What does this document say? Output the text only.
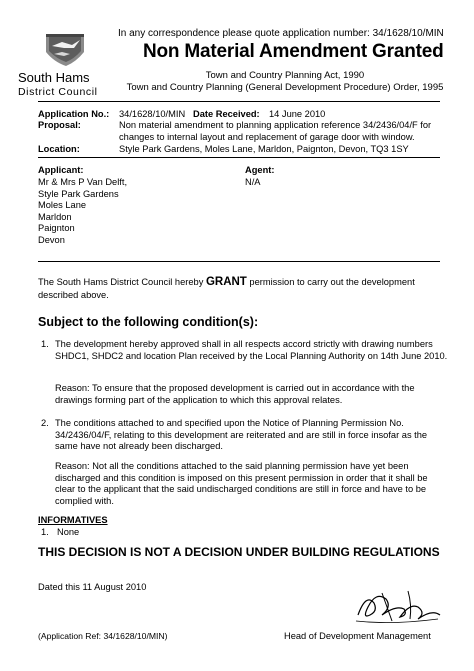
South Hams
District Council
In any correspondence please quote application number: 34/1628/10/MIN
Non Material Amendment Granted
Town and Country Planning Act, 1990
Town and Country Planning (General Development Procedure) Order, 1995
Application No.: 34/1628/10/MIN Date Received: 14 June 2010
Proposal:	Non material amendment to planning application reference 34/2436/04/F for changes to internal layout and replacement of garage door with window.
Location:	Style Park Gardens, Moles Lane, Marldon, Paignton, Devon, TQ3 1SY
Applicant:
Mr & Mrs P Van Delft,
Style Park Gardens
Moles Lane
Marldon
Paignton
Devon
Agent:
N/A
The South Hams District Council hereby GRANT permission to carry out the development
described above.
Subject to the following condition(s):
1. The development hereby approved shall in all respects accord strictly with drawing numbers SHDC1, SHDC2 and location Plan received by the Local Planning Authority on 14th June 2010.
Reason: To ensure that the proposed development is carried out in accordance with the drawings forming part of the application to which this approval relates.
2. The conditions attached to and specified upon the Notice of Planning Permission No. 34/2436/04/F, relating to this development are reiterated and are still in force insofar as the same have not already been discharged.
Reason: Not all the conditions attached to the said planning permission have yet been discharged and this condition is imposed on this present permission in order that it shall be clear to the applicant that the said undischarged conditions are still in force and have to be complied with.
INFORMATIVES
1. None
THIS DECISION IS NOT A DECISION UNDER BUILDING REGULATIONS
Dated this 11 August 2010
(Application Ref: 34/1628/10/MIN)	Head of Development Management
